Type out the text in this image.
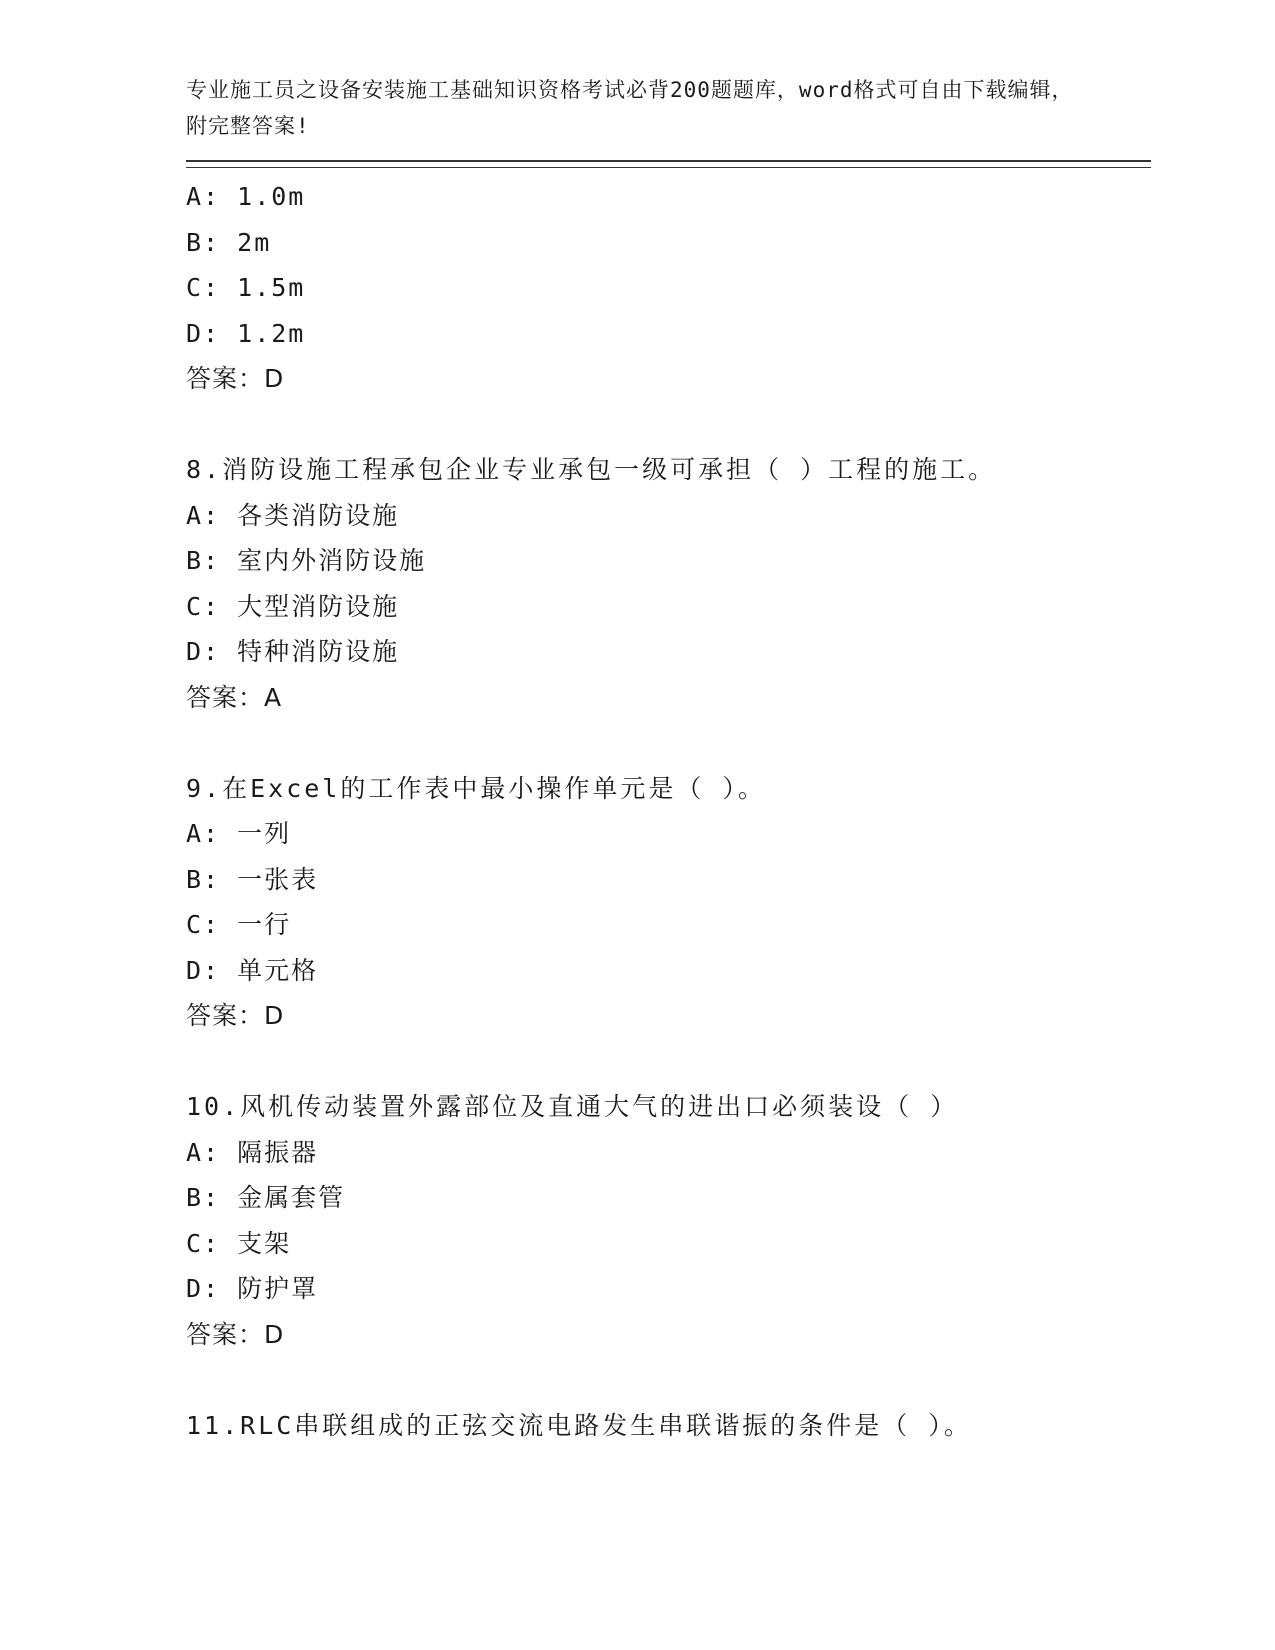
专业施工员之设备安装施工基础知识资格考试必背200题题库，word格式可自由下载编辑，附完整答案!
A: 1.0m
B: 2m
C: 1.5m
D: 1.2m
答案：D
8.消防设施工程承包企业专业承包一级可承担（ ）工程的施工。
A: 各类消防设施
B: 室内外消防设施
C: 大型消防设施
D: 特种消防设施
答案：A
9.在Excel的工作表中最小操作单元是（ ）。
A: 一列
B: 一张表
C: 一行
D: 单元格
答案：D
10.风机传动装置外露部位及直通大气的进出口必须装设（ ）
A: 隔振器
B: 金属套管
C: 支架
D: 防护罩
答案：D
11.RLC串联组成的正弦交流电路发生串联谐振的条件是（ ）。
